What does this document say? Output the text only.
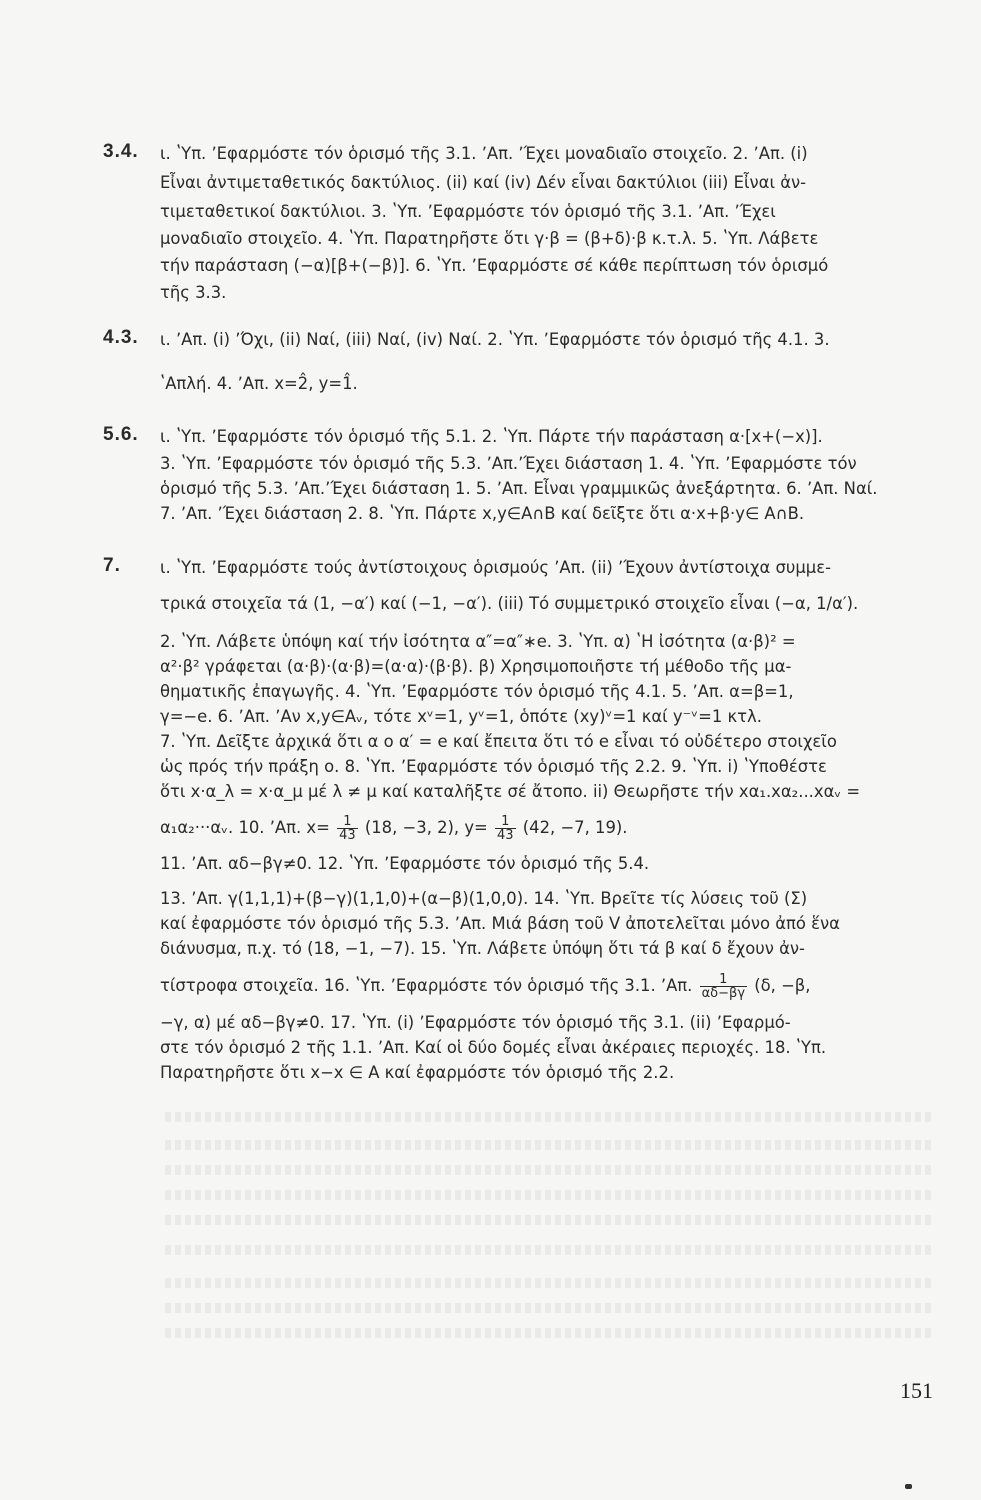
3.4. ι. ʽΥπ. ʼΕφαρμόστε τόν ὁρισμό τῆς 3.1. ʼΑπ. ʼΈχει μοναδιαῖο στοιχεῖο. 2. ʼΑπ. (i)
Εἶναι ἀντιμεταθετικός δακτύλιος. (ii) καί (iv) Δέν εἶναι δακτύλιοι (iii) Εἶναι ἀν-
τιμεταθετικοί δακτύλιοι. 3. ʽΥπ. ʼΕφαρμόστε τόν ὁρισμό τῆς 3.1. ʼΑπ. ʼΈχει
μοναδιαῖο στοιχεῖο. 4. ʽΥπ. Παρατηρῆστε ὅτι γ·β = (β+δ)·β κ.τ.λ. 5. ʽΥπ. Λάβετε
τήν παράσταση (−α)[β+(−β)]. 6. ʽΥπ. ʼΕφαρμόστε σέ κάθε περίπτωση τόν ὁρισμό
τῆς 3.3.
4.3. ι. ʼΑπ. (i) ʼΌχι, (ii) Ναί, (iii) Ναί, (iv) Ναί. 2. ʽΥπ. ʼΕφαρμόστε τόν ὁρισμό τῆς 4.1. 3.
ʽΑπλή. 4. ʼΑπ. x=2̂, y=1̂.
5.6. ι. ʽΥπ. ʼΕφαρμόστε τόν ὁρισμό τῆς 5.1. 2. ʽΥπ. Πάρτε τήν παράσταση α·[x+(−x)].
3. ʽΥπ. ʼΕφαρμόστε τόν ὁρισμό τῆς 5.3. ʼΑπ.ʼΈχει διάσταση 1. 4. ʽΥπ. ʼΕφαρμόστε τόν
ὁρισμό τῆς 5.3. ʼΑπ.ʼΈχει διάσταση 1. 5. ʼΑπ. Εἶναι γραμμικῶς ἀνεξάρτητα. 6. ʼΑπ. Ναί.
7. ʼΑπ. ʼΈχει διάσταση 2. 8. ʽΥπ. Πάρτε x,y∈A∩B καί δεῖξτε ὅτι α·x+β·y∈ A∩B.
7. ι. ʽΥπ. ʼΕφαρμόστε τούς ἀντίστοιχους ὁρισμούς ʼΑπ. (ii) ʼΈχουν ἀντίστοιχα συμμε-
τρικά στοιχεῖα τά (1, −α′) καί (−1, −α′). (iii) Τό συμμετρικό στοιχεῖο εἶναι (−α, 1/α′).
2. ʽΥπ. Λάβετε ὑπόψη καί τήν ἰσότητα α″=α″∗e. 3. ʽΥπ. α) ʽΗ ἰσότητα (α·β)² =
α²·β² γράφεται (α·β)·(α·β)=(α·α)·(β·β). β) Χρησιμοποιῆστε τή μέθοδο τῆς μα-
θηματικῆς ἐπαγωγῆς. 4. ʽΥπ. ʼΕφαρμόστε τόν ὁρισμό τῆς 4.1. 5. ʼΑπ. α=β=1,
γ=−e. 6. ʼΑπ. ʼΑν x,y∈Aᵥ, τότε xᵛ=1, yᵛ=1, ὁπότε (xy)ᵛ=1 καί y⁻ᵛ=1 κτλ.
7. ʽΥπ. Δεῖξτε ἀρχικά ὅτι α ο α′ = e καί ἔπειτα ὅτι τό e εἶναι τό οὐδέτερο στοιχεῖο
ὡς πρός τήν πράξη ο. 8. ʽΥπ. ʼΕφαρμόστε τόν ὁρισμό τῆς 2.2. 9. ʽΥπ. i) ʽΥποθέστε
ὅτι x·α_λ = x·α_μ μέ λ ≠ μ καί καταλῆξτε σέ ἄτοπο. ii) Θεωρῆστε τήν xα₁.xα₂...xαᵥ =
α₁α₂···αᵥ. 10. ʼΑπ. $x= \frac{1}{43} (18$, −3, 2), $y= \frac{1}{43} (42$, −7, 19).
11. ʼΑπ. αδ−βγ≠0. 12. ʽΥπ. ʼΕφαρμόστε τόν ὁρισμό τῆς 5.4.
13. ʼΑπ. γ(1,1,1)+(β−γ)(1,1,0)+(α−β)(1,0,0). 14. ʽΥπ. Βρεῖτε τίς λύσεις τοῦ (Σ)
καί ἐφαρμόστε τόν ὁρισμό τῆς 5.3. ʼΑπ. Μιά βάση τοῦ V ἀποτελεῖται μόνο ἀπό ἕνα
διάνυσμα, π.χ. τό (18, −1, −7). 15. ʽΥπ. Λάβετε ὑπόψη ὅτι τά β καί δ ἔχουν ἀν-
τίστροφα στοιχεῖα. 16. ʽΥπ. ʼΕφαρμόστε τόν ὁρισμό τῆς 3.1. ʼΑπ. $\frac{1}{\alpha\delta-\beta\gamma} (\delta$, −β,
−γ, α) μέ αδ−βγ≠0. 17. ʽΥπ. (i) ʼΕφαρμόστε τόν ὁρισμό τῆς 3.1. (ii) ʼΕφαρμό-
στε τόν ὁρισμό 2 τῆς 1.1. ʼΑπ. Καί οἱ δύο δομές εἶναι ἀκέραιες περιοχές. 18. ʽΥπ.
Παρατηρῆστε ὅτι x−x ∈ A καί ἐφαρμόστε τόν ὁρισμό τῆς 2.2.
151
